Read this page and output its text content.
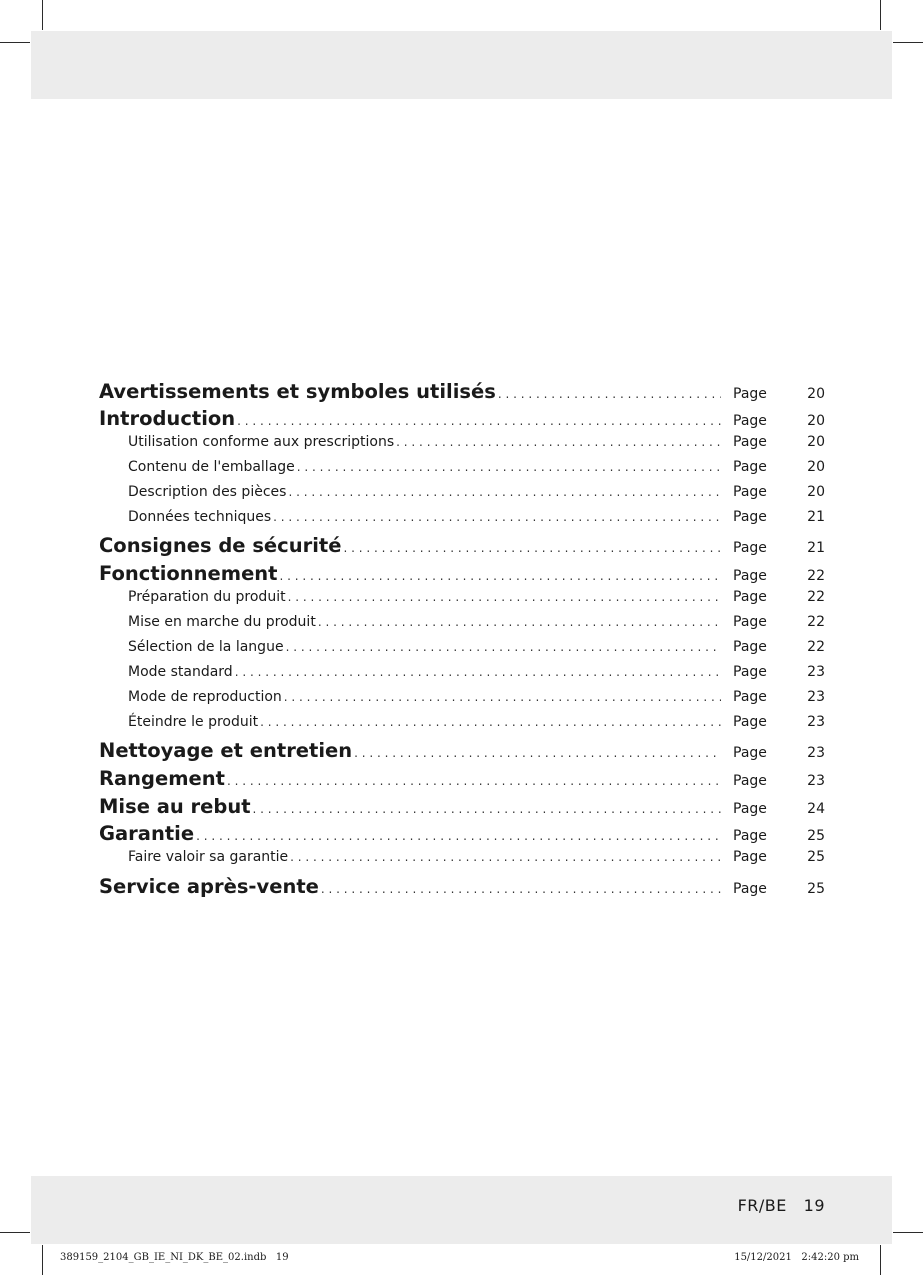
Avertissements et symboles utilisés . . .	Page	20
Introduction . . .	Page	20
Utilisation conforme aux prescriptions . . .	Page	20
Contenu de l'emballage . . .	Page	20
Description des pièces . . .	Page	20
Données techniques . . .	Page	21
Consignes de sécurité . . .	Page	21
Fonctionnement . . .	Page	22
Préparation du produit . . .	Page	22
Mise en marche du produit . . .	Page	22
Sélection de la langue . . .	Page	22
Mode standard . . .	Page	23
Mode de reproduction . . .	Page	23
Éteindre le produit . . .	Page	23
Nettoyage et entretien . . .	Page	23
Rangement . . .	Page	23
Mise au rebut . . .	Page	24
Garantie . . .	Page	25
Faire valoir sa garantie . . .	Page	25
Service après-vente . . .	Page	25
FR/BE 19
389159_2104_GB_IE_NI_DK_BE_02.indb   19	15/12/2021   2:42:20 pm
